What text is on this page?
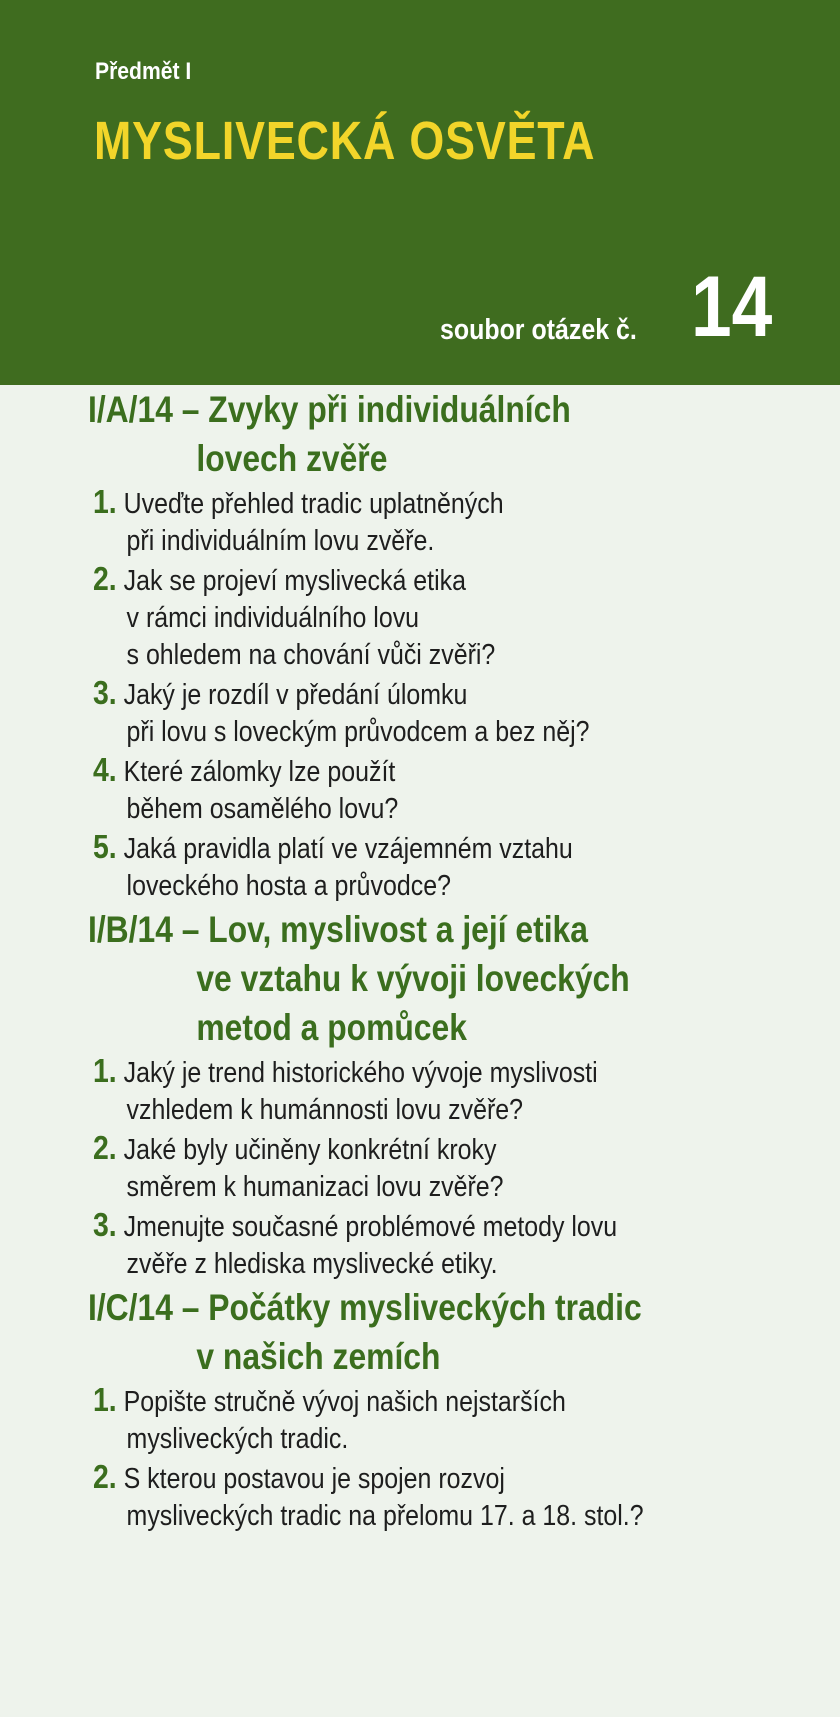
Předmět I
MYSLIVECKÁ OSVĚTA
soubor otázek č. 14
I/A/14 – Zvyky při individuálních
lovech zvěře
1. Uveďte přehled tradic uplatněných
při individuálním lovu zvěře.
2. Jak se projeví myslivecká etika
v rámci individuálního lovu
s ohledem na chování vůči zvěři?
3. Jaký je rozdíl v předání úlomku
při lovu s loveckým průvodcem a bez něj?
4. Které zálomky lze použít
během osamělého lovu?
5. Jaká pravidla platí ve vzájemném vztahu
loveckého hosta a průvodce?
I/B/14 – Lov, myslivost a její etika
ve vztahu k vývoji loveckých
metod a pomůcek
1. Jaký je trend historického vývoje myslivosti
vzhledem k humánnosti lovu zvěře?
2. Jaké byly učiněny konkrétní kroky
směrem k humanizaci lovu zvěře?
3. Jmenujte současné problémové metody lovu
zvěře z hlediska myslivecké etiky.
I/C/14 – Počátky mysliveckých tradic
v našich zemích
1. Popište stručně vývoj našich nejstarších
mysliveckých tradic.
2. S kterou postavou je spojen rozvoj
mysliveckých tradic na přelomu 17. a 18. stol.?
